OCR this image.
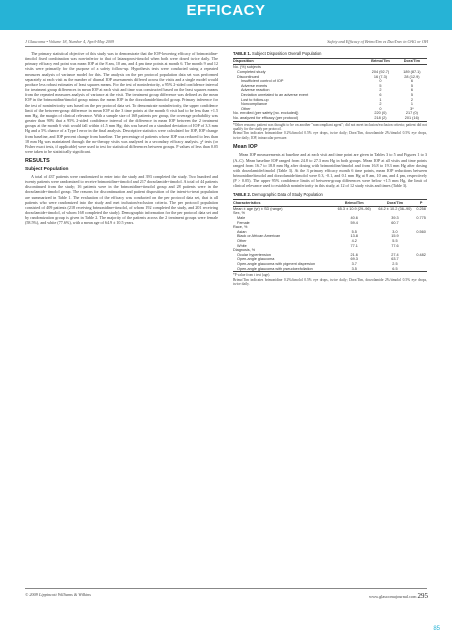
EFFICACY
J Glaucoma • Volume 18, Number 4, April-May 2009	Safety and Efficacy of BrimoTim vs DuoTrav in OAG or OH

The primary statistical objective of this study was to demonstrate that the IOP-lowering efficacy of brimonidine-timolol fixed combination was non-inferior to that of latanoprost-timolol when both were dosed twice daily. The primary efficacy end point was mean IOP at the 8 am, 10 am, and 4 pm time points at month 6. The month 9 and 12 visits were primarily for the purpose of a safety follow-up. Hypothesis tests were conducted using a repeated measures analysis of variance model for this. The analysis on the per protocol population data set was performed separately at each visit as the number of diurnal IOP assessments differed across the visits and a single model would produce less robust estimates of least squares means. For the test of noninferiority, a 95% 2-sided confidence interval for treatment group differences in mean IOP at each visit and time was constructed based on the least squares means from the repeated measures analysis of variance at the visit. The treatment group difference was defined as the mean IOP in the brimonidine/timolol group minus the mean IOP in the dorzolamide/timolol group. Primary inference for the test of noninferiority was based on the per protocol data set. To demonstrate noninferiority, the upper confidence limit of the between-group difference in mean IOP at the 3 time points at the month 6 visit had to be less than +1.5 mm Hg, the margin of clinical relevance. With a sample size of 168 patients per group, the coverage probability was greater than 90% that a 95% 2-sided confidence interval of the difference in mean IOP between the 2 treatment groups at the month 6 visit would fall within ±1.5 mm Hg; this was based on a standard deviation of IOP of 3.3 mm Hg and a 5% chance of a Type I error in the final analysis. Descriptive statistics were calculated for IOP, IOP change from baseline, and IOP percent change from baseline. The percentage of patients whose IOP was reduced to less than 18 mm Hg was maintained through the no-therapy visits was analyzed in a secondary efficacy analysis. χ² tests (or Fisher exact tests, if applicable) were used to test for statistical differences between groups. P values of less than 0.05 were taken to be statistically significant.

RESULTS
Subject Population

A total of 437 patients were randomized to enter into the study and 393 completed the study. Two hundred and twenty patients were randomized to receive brimonidine+timolol and 217 dorzolamide+timolol. A total of 44 patients discontinued from the study; 16 patients were in the brimonidine+timolol group and 28 patients were in the dorzolamide+timolol group. The reasons for discontinuation and patient disposition of the intent-to-treat population are summarized in Table 1. The evaluation of the efficacy was conducted on the per protocol data set, that is all patients who were randomized into the study and met inclusion/exclusion criteria. The per protocol population consisted of 409 patients (218 receiving brimonidine+timolol, of whom 192 completed the study, and 201 receiving dorzolamide+timolol, of whom 168 completed the study). Demographic information for the per protocol data set and by randomization group is given in Table 2. The majority of the patients across the 2 treatment groups were female (58.5%), and white (77.6%), with a mean age of 64.9 ± 10.5 years.

TABLE 1. Subject Disposition Overall Population
Disposition	Brimo/Tim	Dorz/Tim
No. (%) subjects		
Completed study	204 (92.7)	189 (87.1)
Discontinued	16 (7.3)	28 (12.9)
Insufficient control of IOP	0	6
Adverse events	5	5
Adverse reaction	2	6
Deviation unrelated to an adverse event	6	5
Lost to follow-up	1	2
Noncompliance	2	1
Other	0	3*
No. enrolled (per safety [no. excluded])	220 (0)	217 (0)
No. analyzed for efficacy (per protocol)	218 (2)	201 (16)
*Other reasons: patient was thought to be on another "noncompliant agent"; did not meet inclusion/exclusion criteria; patient did not qualify for the study per protocol.
Brimo/Tim indicates brimonidine 0.2%/timolol 0.5% eye drops, twice daily; Dorz/Tim, dorzolamide 2%/timolol 0.5% eye drops, twice daily; IOP, intraocular pressure.
Mean IOP

Mean IOP measurements at baseline and at each visit and time point are given in Tables 3 to 5 and Figures 1 to 3 (A–C). Mean baseline IOP ranged from 24.8 to 27.3 mm Hg in both groups. Mean IOP at all visits and time points ranged from 16.7 to 18.8 mm Hg after dosing with brimonidine/timolol and from 16.8 to 19.3 mm Hg after dosing with dorzolamide/timolol (Table 3). At the 3 primary efficacy month 6 time points, mean IOP reductions between brimonidine/timolol and dorzolamide/timolol were 0.3, -0.1, and 0.1 mm Hg at 8 am, 10 am, and 4 pm, respectively (P > 0.05). The upper 95% confidence limits of between-group differences were below +1.5 mm Hg, the limit of clinical relevance used to establish noninferiority in this study, at 12 of 12 study visits and times (Table 3).

TABLE 2. Demographic Data of Study Population
Characteristics	Brimo/Tim	Dorz/Tim	P
Mean ± age (yr) ± SD (range)	65.3 ± 10.9 (29–96)	64.2 ± 10.2 (36–90)	0.258
Sex, %			
Male	40.6	39.3	0.775
Female	59.4	60.7	
Race, %			
Asian	5.5	3.0	0.560
Black or African American	13.8	15.9	
Other	4.2	5.5	
White	77.1	77.6	
Diagnosis, %			
Ocular hypertension	21.6	27.4	0.482
Open-angle glaucoma	69.3	63.7	
Open-angle glaucoma with pigment dispersion	3.7	2.5	
Open-angle glaucoma with pseudoexfoliation	3.5	6.5	
*P value from t test (age).
Brimo/Tim indicates brimonidine 0.2%/timolol 0.5% eye drops, twice daily; Dorz/Tim, dorzolamide 2%/timolol 0.5% eye drops, twice daily.
© 2009 Lippincott Williams & Wilkins	www.glaucomajournal.com 295
85
